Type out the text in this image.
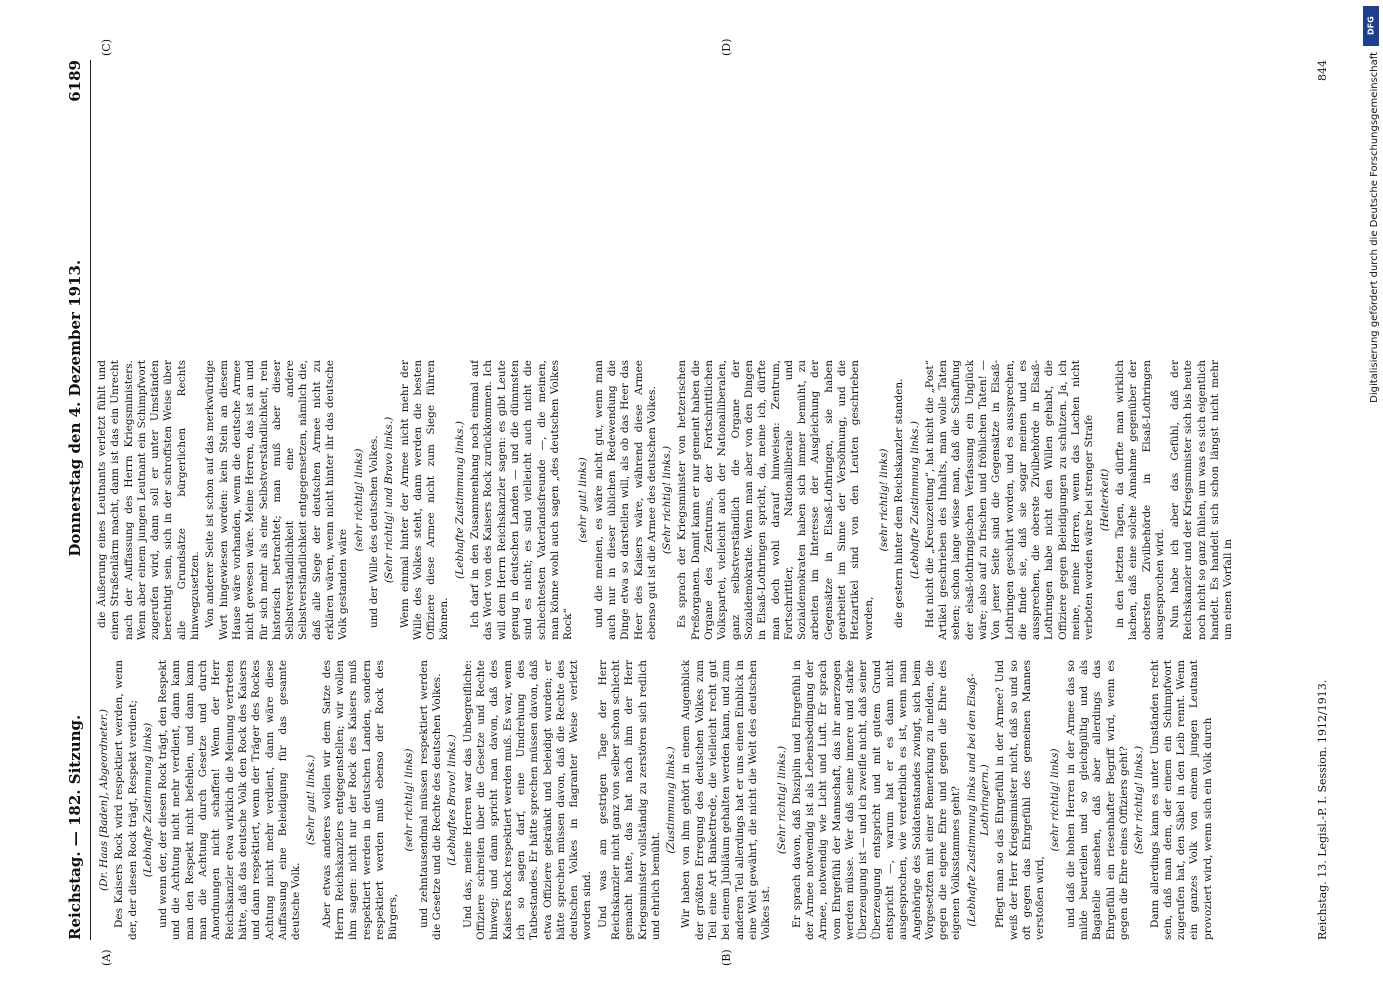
Reichstag. — 182. Sitzung.
Donnerstag den 4. Dezember 1913.
6189

(Dr. Haas [Baden], Abgeordneter.) Des Kaisers Rock wird respektiert werden, wenn der, der diesen Rock trägt, Respekt verdient; (Lebhafte Zustimmung links) und wenn der, der diesen Rock trägt, den Respekt und die Achtung nicht mehr verdient, dann kann man den Respekt nicht befehlen, und dann kann man die Achtung durch Gesetze und durch Anordnungen nicht schaffen! Wenn der Herr Reichskanzler etwa wirklich die Meinung vertreten hätte, daß das deutsche Volk den Rock des Kaisers und dann respektiert, wenn der Träger des Rockes Achtung nicht mehr verdient, dann wäre diese Auffassung eine Beleidigung für das gesamte deutsche Volk.

(Sehr gut! links.) Aber etwas anderes wollen wir dem Satze des Herrn Reichskanzlers entgegenstellen; wir wollen ihm sagen: nicht nur der Rock des Kaisers muß respektiert werden in deutschen Landen, sondern respektiert werden muß ebenso der Rock des Bürgers,

(sehr richtig! links) und zehntausendmal müssen respektiert werden die Gesetze und die Rechte des deutschen Volkes. (Lebhaftes Bravo! links.) Und das, meine Herren war das Unbegreifliche: Offiziere schreiten über die Gesetze und Rechte hinweg; und dann spricht man davon, daß des Kaisers Rock respektiert werden muß. Es war, wenn ich so sagen darf, eine Umdrehung des Tatbestandes. Er hätte sprechen müssen davon, daß etwa Offiziere gekränkt und beleidigt wurden; er hätte sprechen müssen davon, daß die Rechte des deutschen Volkes in flagranter Weise verletzt worden sind. Und was am gestrigen Tage der Herr Reichskanzler nicht ganz von selber schon schlecht gemacht hatte, das hat nach ihm der Herr Kriegsminister vollständig zu zerstören sich redlich und ehrlich bemüht.

(Zustimmung links.) Wir haben von ihm gehört in einem Augenblick der größten Erregung des deutschen Volkes zum Teil eine Art Bankettrede, die vielleicht recht gut bei einem Jubiläum gehalten werden kann, und zum anderen Teil allerdings hat er uns einen Einblick in eine Welt gewährt, die nicht die Welt des deutschen Volkes ist.

(Sehr richtig! links.) Er sprach davon, daß Disziplin und Ehrgefühl in der Armee notwendig ist als Lebensbedingung der Armee, notwendig wie Licht und Luft. Er sprach vom Ehrgefühl der Mannschaft, das ihr anerzogen werden müsse. Wer daß seine innere und starke Überzeugung ist — und ich zweifle nicht, daß seiner Überzeugung entspricht und mit gutem Grund entspricht —, warum hat er es dann nicht ausgesprochen, wie verderblich es ist, wenn man Angehörige des Soldatenstandes zwingt, sich beim Vorgesetzten mit einer Bemerkung zu melden, die gegen die eigene Ehre und gegen die Ehre des eigenen Volksstammes geht? (Lebhafte Zustimmung links und bei den Elsaß-Lothringern.) Pflegt man so das Ehrgefühl in der Armee? Und weiß der Herr Kriegsminister nicht, daß so und so oft gegen das Ehrgefühl des gemeinen Mannes verstoßen wird,

(sehr richtig! links) und daß die hohen Herren in der Armee das so milde beurteilen und so gleichgültig und als Bagatelle ansehen, daß aber allerdings das Ehrgefühl ein riesenhafter Begriff wird, wenn es gegen die Ehre eines Offiziers geht? (Sehr richtig! links.) Dann allerdings kann es unter Umständen recht sein, daß man dem, der einem ein Schimpfwort zugerufen hat, den Säbel in den Leib rennt. Wenn ein ganzes Volk von einem jungen Leutnant provoziert wird, wenn sich ein Volk durch

die Äußerung eines Leutnants verletzt fühlt und einen Straßenlärm macht, dann ist das ein Unrecht nach der Auffassung des Herrn Kriegsministers. Wenn aber einem jungen Leutnant ein Schimpfwort zugerufen wird, dann soll er unter Umständen berechtigt sein, sich in der schroffsten Weise über alle Grundsätze bürgerlichen Rechts hinwegzusetzen. Von anderer Seite ist schon auf das merkwürdige Wort hingewiesen worden: kein Stein an diesem Hause wäre vorhanden, wenn die deutsche Armee nicht gewesen wäre. Meine Herren, das ist an und für sich mehr als eine Selbstverständlichkeit, rein historisch betrachtet; man muß aber dieser Selbstverständlichkeit eine andere Selbstverständlichkeit entgegensetzen, nämlich die, daß alle Siege der deutschen Armee nicht zu erklären wären, wenn nicht hinter ihr das deutsche Volk gestanden wäre

(sehr richtig! links) und der Wille des deutschen Volkes. (Sehr richtig! und Bravo links.) Wenn einmal hinter der Armee nicht mehr der Wille des Volkes steht, dann werden die besten Offiziere diese Armee nicht zum Siege führen können.

(Lebhafte Zustimmung links.) Ich darf in den Zusammenhang noch einmal auf das Wort von des Kaisers Rock zurückkommen. Ich will dem Herrn Reichskanzler sagen: es gibt Leute genug in deutschen Landen — und die dümmsten sind es nicht; es sind vielleicht auch nicht die schlechtesten Vaterlandsfreunde —, die meinen, man könne wohl auch sagen „des deutschen Volkes Rock“

(sehr gut! links) und die meinen, es wäre nicht gut, wenn man auch nur in dieser üblichen Redewendung die Dinge etwa so darstellen will, als ob das Heer das Heer des Kaisers wäre, während diese Armee ebenso gut ist die Armee des deutschen Volkes. (Sehr richtig! links.) Es sprach der Kriegsminister von hetzerischen Preßorganen. Damit kann er nur gemeint haben die Organe des Zentrums, der Fortschrittlichen Volkspartei, vielleicht auch der Nationalliberalen, ganz selbstverständlich die Organe der Sozialdemokratie. Wenn man aber von den Dingen in Elsaß-Lothringen spricht, da, meine ich, dürfte man doch wohl darauf hinweisen: Zentrum, Fortschrittler, Nationalliberale und Sozialdemokraten haben sich immer bemüht, zu arbeiten im Interesse der Ausgleichung der Gegensätze in Elsaß-Lothringen, sie haben gearbeitet im Sinne der Versöhnung, und die Hetzartikel sind von den Leuten geschrieben worden,

(sehr richtig! links) die gestern hinter dem Reichskanzler standen. (Lebhafte Zustimmung links.) Hat nicht die „Kreuzzeitung“, hat nicht die „Post“ Artikel geschrieben des Inhalts, man wolle Taten sehen; schon lange wisse man, daß die Schaffung der elsaß-lothringischen Verfassung ein Unglück wäre; also auf zu frischen und fröhlichen Taten! — Von jener Seite sind die Gegensätze in Elsaß-Lothringen geschürt worden, und es aussprechen, die finde sie, daß sie sogar meinen und es aussprechen, die oberste Zivilbehörde in Elsaß-Lothringen habe nicht den Willen gehabt, die Offiziere gegen Beleidigungen zu schützen. Ja, ich meine, meine Herren, wenn das Lachen nicht verboten worden wäre bei strenger Strafe (Heiterkeit) in den letzten Tagen, da dürfte man wirklich lachen, daß eine solche Annahme gegenüber der obersten Zivilbehörde in Elsaß-Lothringen ausgesprochen wird. Nun habe ich aber das Gefühl, daß der Reichskanzler und der Kriegsminister sich bis heute noch nicht so ganz fühlen, um was es sich eigentlich handelt. Es handelt sich schon längst nicht mehr um einen Vorfall in

Reichstag. 13. Legisl.-P. I. Session. 1912/1913.
844
(A)	(B)
(C)	(D)
DFG
Digitalisierung gefördert durch die Deutsche Forschungsgemeinschaft
